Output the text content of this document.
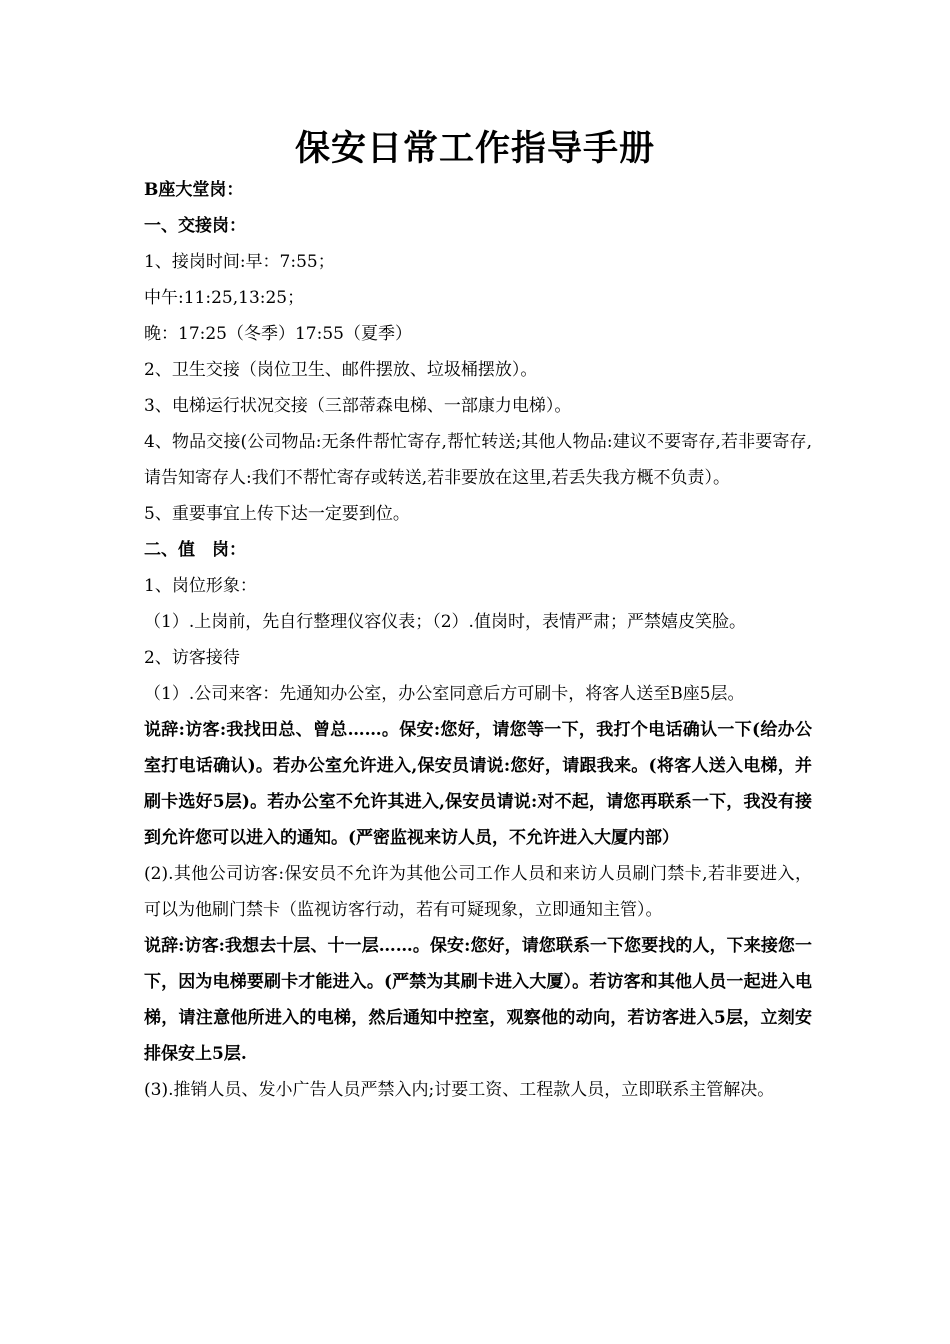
保安日常工作指导手册

B座大堂岗：

一、交接岗：

1、接岗时间:早：7:55；

中午:11:25,13:25；

晚：17:25（冬季）17:55（夏季）

2、卫生交接（岗位卫生、邮件摆放、垃圾桶摆放）。

3、电梯运行状况交接（三部蒂森电梯、一部康力电梯）。

4、物品交接(公司物品:无条件帮忙寄存,帮忙转送;其他人物品:建议不要寄存,若非要寄存,请告知寄存人:我们不帮忙寄存或转送,若非要放在这里,若丢失我方概不负责）。

5、重要事宜上传下达一定要到位。

二、值　岗：

1、岗位形象：

（1）.上岗前，先自行整理仪容仪表；（2）.值岗时，表情严肃；严禁嬉皮笑脸。

2、访客接待

（1）.公司来客：先通知办公室，办公室同意后方可刷卡，将客人送至B座5层。

说辞:访客:我找田总、曾总……。保安:您好，请您等一下，我打个电话确认一下(给办公室打电话确认)。若办公室允许进入,保安员请说:您好，请跟我来。(将客人送入电梯，并刷卡选好5层)。若办公室不允许其进入,保安员请说:对不起，请您再联系一下，我没有接到允许您可以进入的通知。(严密监视来访人员，不允许进入大厦内部）

(2).其他公司访客:保安员不允许为其他公司工作人员和来访人员刷门禁卡,若非要进入，可以为他刷门禁卡（监视访客行动，若有可疑现象，立即通知主管）。

说辞:访客:我想去十层、十一层……。保安:您好，请您联系一下您要找的人，下来接您一下，因为电梯要刷卡才能进入。(严禁为其刷卡进入大厦）。若访客和其他人员一起进入电梯，请注意他所进入的电梯，然后通知中控室，观察他的动向，若访客进入5层，立刻安排保安上5层.

(3).推销人员、发小广告人员严禁入内;讨要工资、工程款人员，立即联系主管解决。
